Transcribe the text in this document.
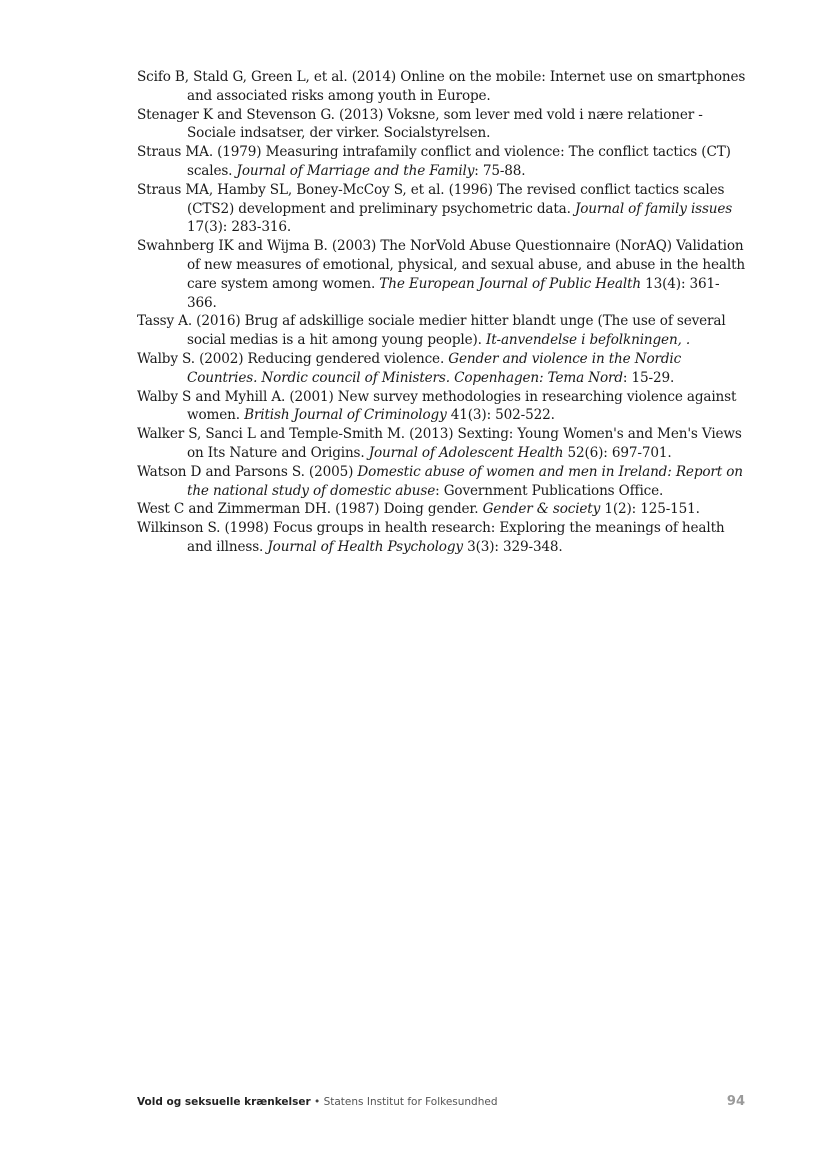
Scifo B, Stald G, Green L, et al. (2014) Online on the mobile: Internet use on smartphones and associated risks among youth in Europe.
Stenager K and Stevenson G. (2013) Voksne, som lever med vold i nære relationer - Sociale indsatser, der virker. Socialstyrelsen.
Straus MA. (1979) Measuring intrafamily conflict and violence: The conflict tactics (CT) scales. Journal of Marriage and the Family: 75-88.
Straus MA, Hamby SL, Boney-McCoy S, et al. (1996) The revised conflict tactics scales (CTS2) development and preliminary psychometric data. Journal of family issues 17(3): 283-316.
Swahnberg IK and Wijma B. (2003) The NorVold Abuse Questionnaire (NorAQ) Validation of new measures of emotional, physical, and sexual abuse, and abuse in the health care system among women. The European Journal of Public Health 13(4): 361-366.
Tassy A. (2016) Brug af adskillige sociale medier hitter blandt unge (The use of several social medias is a hit among young people). It-anvendelse i befolkningen, .
Walby S. (2002) Reducing gendered violence. Gender and violence in the Nordic Countries. Nordic council of Ministers. Copenhagen: Tema Nord: 15-29.
Walby S and Myhill A. (2001) New survey methodologies in researching violence against women. British Journal of Criminology 41(3): 502-522.
Walker S, Sanci L and Temple-Smith M. (2013) Sexting: Young Women's and Men's Views on Its Nature and Origins. Journal of Adolescent Health 52(6): 697-701.
Watson D and Parsons S. (2005) Domestic abuse of women and men in Ireland: Report on the national study of domestic abuse: Government Publications Office.
West C and Zimmerman DH. (1987) Doing gender. Gender & society 1(2): 125-151.
Wilkinson S. (1998) Focus groups in health research: Exploring the meanings of health and illness. Journal of Health Psychology 3(3): 329-348.
Vold og seksuelle krænkelser • Statens Institut for Folkesundhed	94
